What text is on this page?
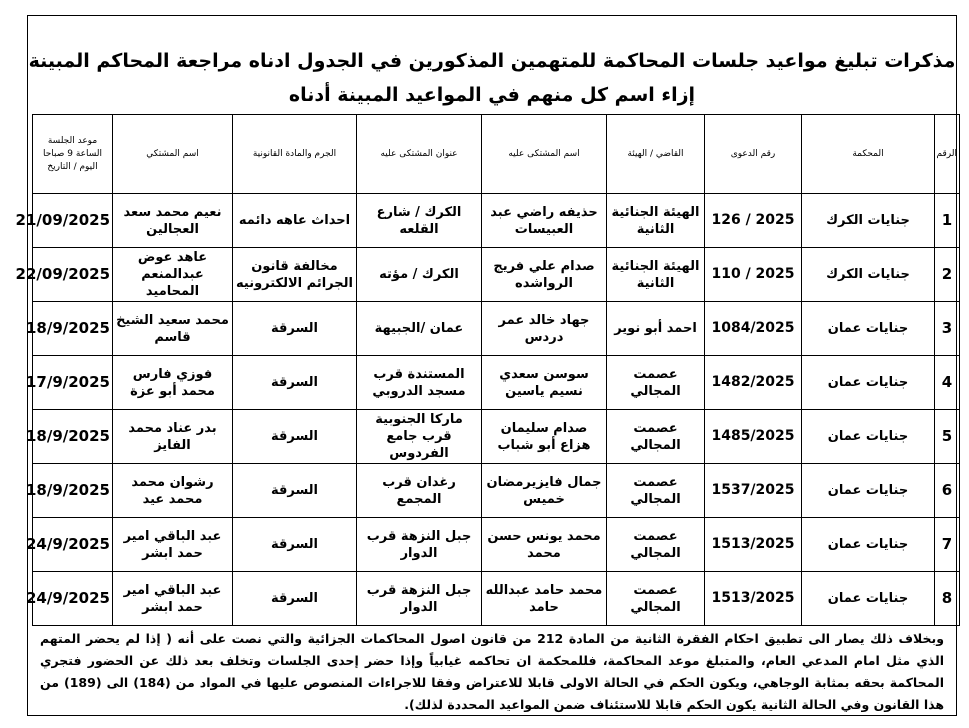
مذكرات تبليغ مواعيد جلسات المحاكمة للمتهمين المذكورين في الجدول ادناه مراجعة المحاكم المبينة إزاء اسم كل منهم في المواعيد المبينة أدناه
الرقم	المحكمة	رقم الدعوى	القاضي / الهيئة	اسم المشتكى عليه	عنوان المشتكى عليه	الجرم والمادة القانونية	اسم المشتكي	موعد الجلسة الساعة 9 صباحا اليوم / التاريخ
1	جنايات الكرك	126 / 2025	الهيئة الجنائية الثانية	حذيفه راضي عبد العبيسات	الكرك / شارع القلعه	احداث عاهه دائمه	نعيم محمد سعد العجالين	21/09/2025
2	جنايات الكرك	110 / 2025	الهيئة الجنائية الثانية	صدام علي فريج الرواشده	الكرك / مؤته	مخالفة قانون الجرائم الالكترونيه	عاهد عوض عبدالمنعم المحاميد	22/09/2025
3	جنايات عمان	1084/2025	احمد أبو نوير	جهاد خالد عمر دردس	عمان /الجبيهة	السرقة	محمد سعيد الشيخ قاسم	18/9/2025
4	جنايات عمان	1482/2025	عصمت المجالي	سوسن سعدي نسيم ياسين	المستندة قرب مسجد الدروبي	السرقة	فوزي فارس محمد أبو عزة	17/9/2025
5	جنايات عمان	1485/2025	عصمت المجالي	صدام سليمان هزاع أبو شباب	ماركا الجنوبية قرب جامع الفردوس	السرقة	بدر عناد محمد الفايز	18/9/2025
6	جنايات عمان	1537/2025	عصمت المجالي	جمال فايزيرمضان خميس	رغدان قرب المجمع	السرقة	رشوان محمد محمد عيد	18/9/2025
7	جنايات عمان	1513/2025	عصمت المجالي	محمد يونس حسن محمد	جبل النزهة قرب الدوار	السرقة	عبد الباقي امير حمد ابشر	24/9/2025
8	جنايات عمان	1513/2025	عصمت المجالي	محمد حامد عبدالله حامد	جبل النزهة قرب الدوار	السرقة	عبد الباقي امير حمد ابشر	24/9/2025
وبخلاف ذلك يصار الى تطبيق احكام الفقرة الثانية من المادة 212 من قانون اصول المحاكمات الجزائية والتي نصت على أنه ( إذا لم يحضر المتهم الذي مثل امام المدعي العام، والمتبلغ موعد المحاكمة، فللمحكمة ان تحاكمه غيابياً وإذا حضر إحدى الجلسات وتخلف بعد ذلك عن الحضور فتجري المحاكمة بحقه بمثابة الوجاهي، ويكون الحكم في الحالة الاولى قابلا للاعتراض وفقا للاجراءات المنصوص عليها في المواد من (184) الى (189) من هذا القانون وفي الحالة الثانية يكون الحكم قابلا للاستئناف ضمن المواعيد المحددة لذلك).
